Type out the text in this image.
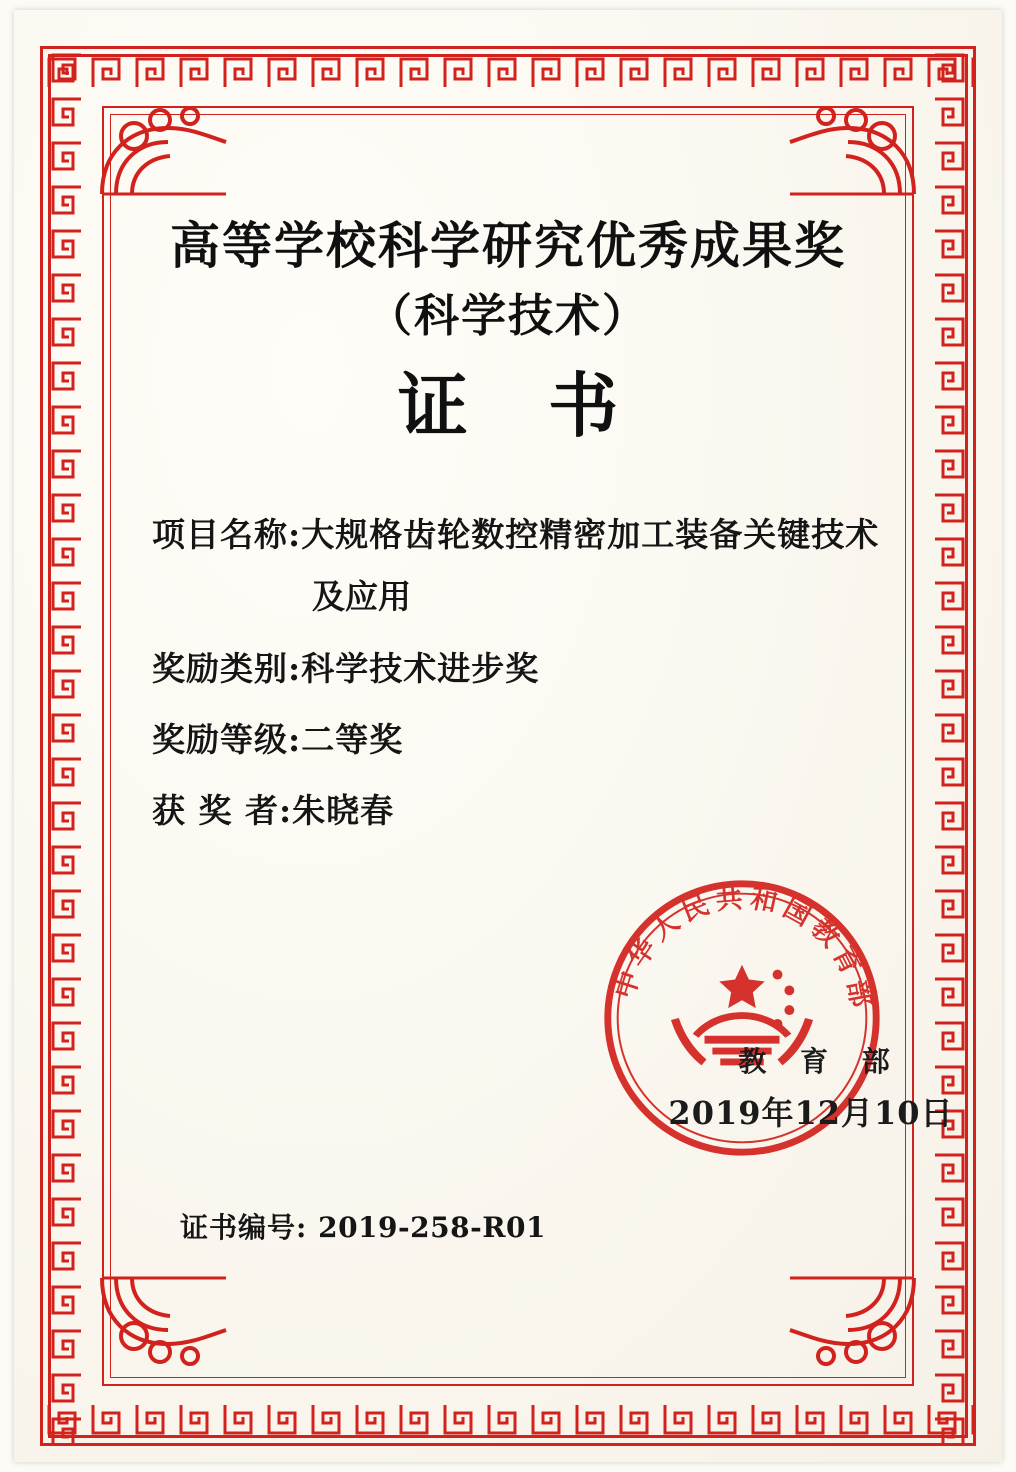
高等学校科学研究优秀成果奖
（科学技术）
证 书
项目名称: 大规格齿轮数控精密加工装备关键技术
及应用
奖励类别: 科学技术进步奖
奖励等级: 二等奖
获 奖 者: 朱晓春
中华人民共和国教育部
教 育 部
2019年12月10日
证书编号: 2019-258-R01
